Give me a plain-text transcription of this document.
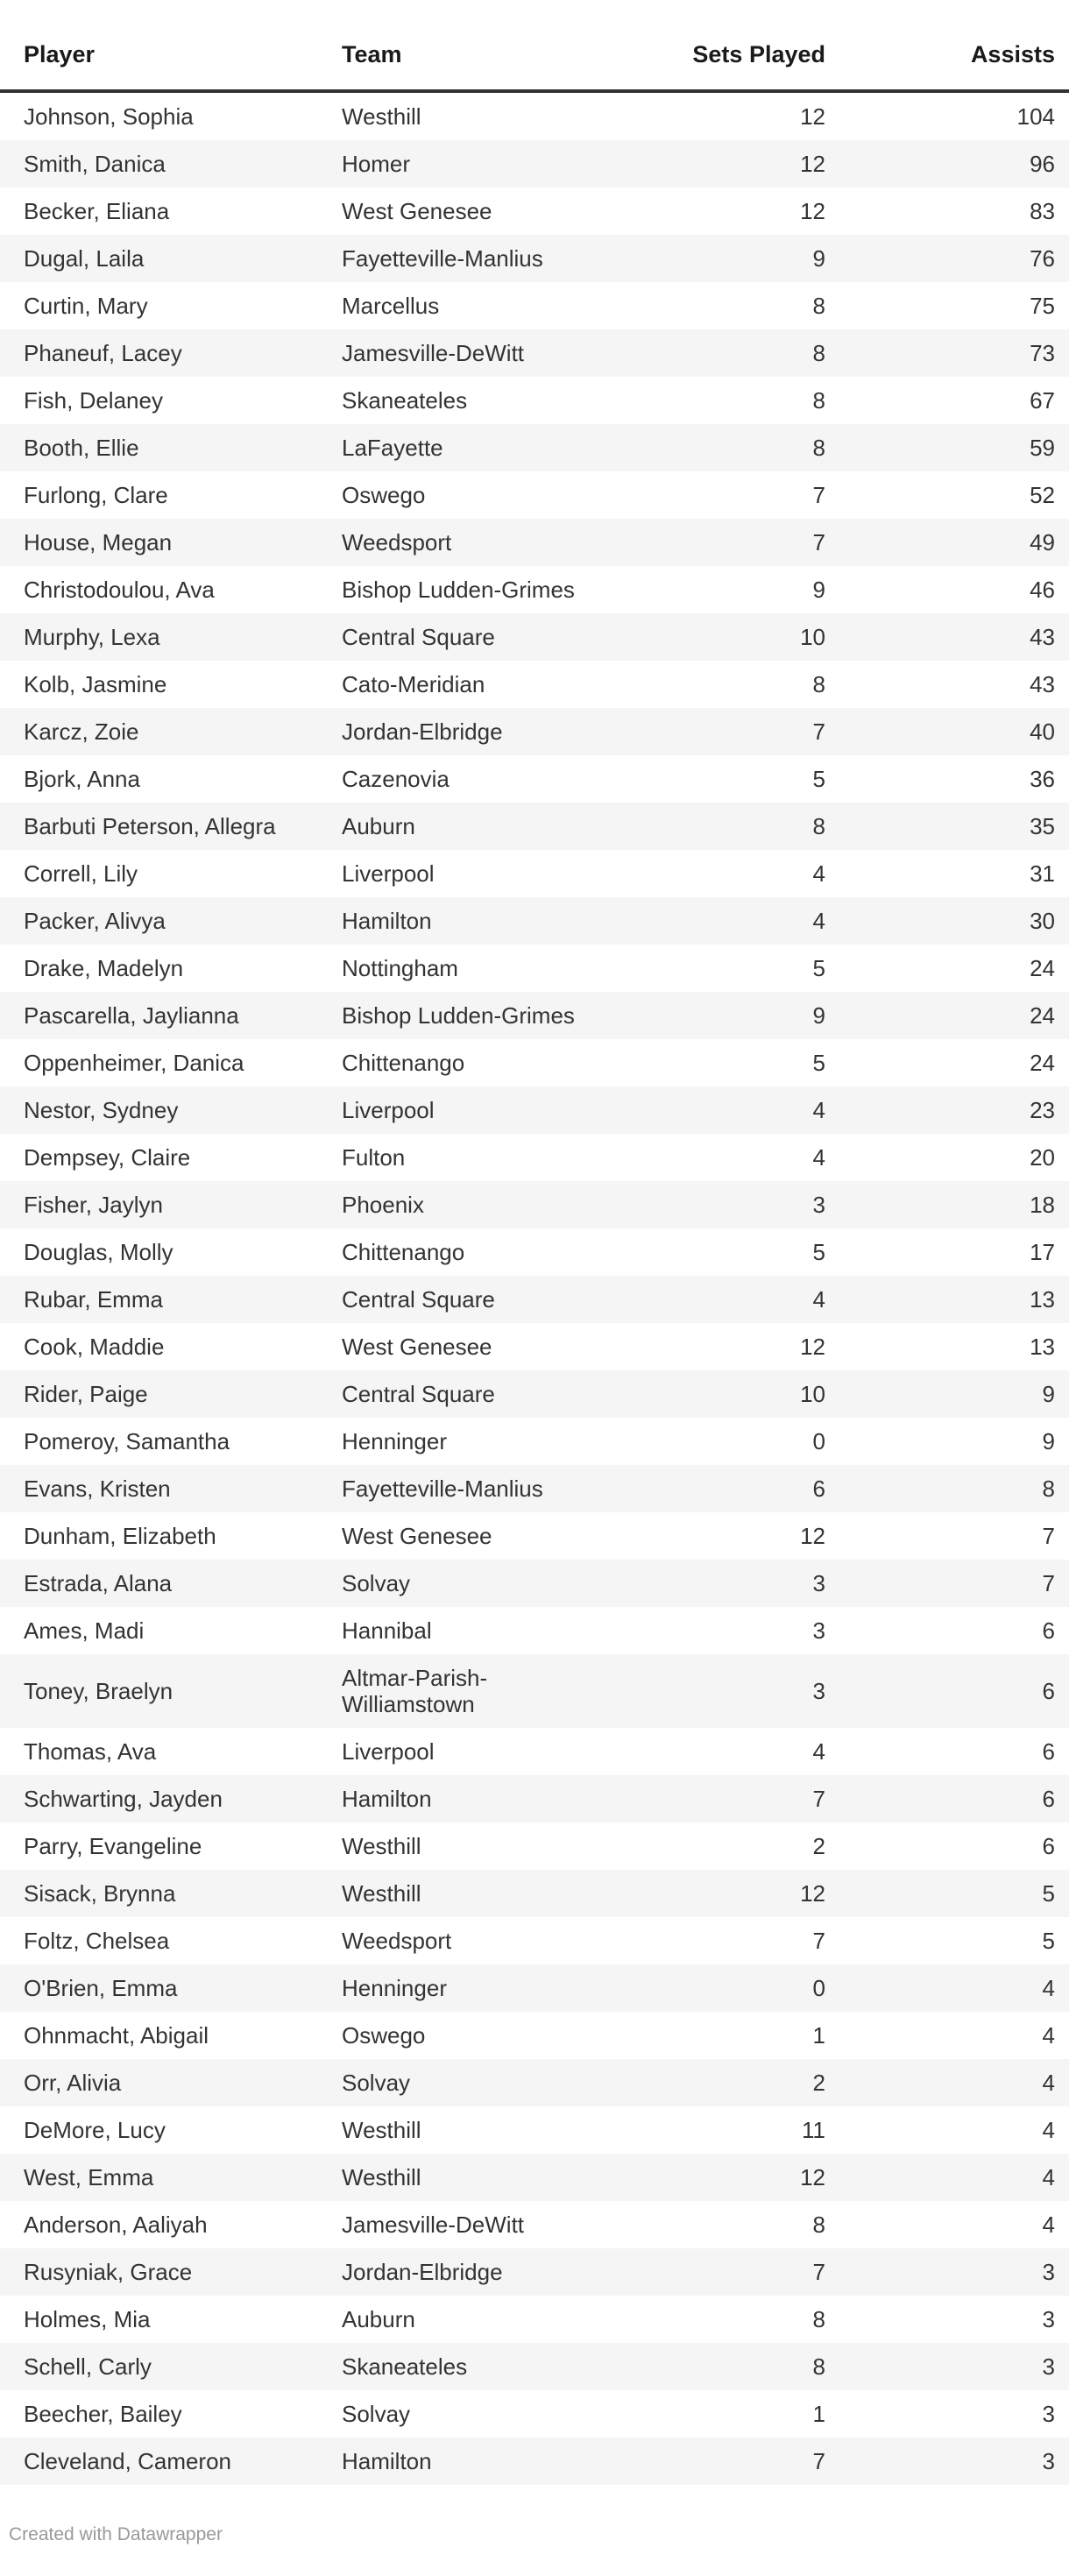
Player	Team	Sets Played	Assists
Johnson, Sophia	Westhill	12	104
Smith, Danica	Homer	12	96
Becker, Eliana	West Genesee	12	83
Dugal, Laila	Fayetteville-Manlius	9	76
Curtin, Mary	Marcellus	8	75
Phaneuf, Lacey	Jamesville-DeWitt	8	73
Fish, Delaney	Skaneateles	8	67
Booth, Ellie	LaFayette	8	59
Furlong, Clare	Oswego	7	52
House, Megan	Weedsport	7	49
Christodoulou, Ava	Bishop Ludden-Grimes	9	46
Murphy, Lexa	Central Square	10	43
Kolb, Jasmine	Cato-Meridian	8	43
Karcz, Zoie	Jordan-Elbridge	7	40
Bjork, Anna	Cazenovia	5	36
Barbuti Peterson, Allegra	Auburn	8	35
Correll, Lily	Liverpool	4	31
Packer, Alivya	Hamilton	4	30
Drake, Madelyn	Nottingham	5	24
Pascarella, Jaylianna	Bishop Ludden-Grimes	9	24
Oppenheimer, Danica	Chittenango	5	24
Nestor, Sydney	Liverpool	4	23
Dempsey, Claire	Fulton	4	20
Fisher, Jaylyn	Phoenix	3	18
Douglas, Molly	Chittenango	5	17
Rubar, Emma	Central Square	4	13
Cook, Maddie	West Genesee	12	13
Rider, Paige	Central Square	10	9
Pomeroy, Samantha	Henninger	0	9
Evans, Kristen	Fayetteville-Manlius	6	8
Dunham, Elizabeth	West Genesee	12	7
Estrada, Alana	Solvay	3	7
Ames, Madi	Hannibal	3	6
Toney, Braelyn	Altmar-Parish-Williamstown	3	6
Thomas, Ava	Liverpool	4	6
Schwarting, Jayden	Hamilton	7	6
Parry, Evangeline	Westhill	2	6
Sisack, Brynna	Westhill	12	5
Foltz, Chelsea	Weedsport	7	5
O'Brien, Emma	Henninger	0	4
Ohnmacht, Abigail	Oswego	1	4
Orr, Alivia	Solvay	2	4
DeMore, Lucy	Westhill	11	4
West, Emma	Westhill	12	4
Anderson, Aaliyah	Jamesville-DeWitt	8	4
Rusyniak, Grace	Jordan-Elbridge	7	3
Holmes, Mia	Auburn	8	3
Schell, Carly	Skaneateles	8	3
Beecher, Bailey	Solvay	1	3
Cleveland, Cameron	Hamilton	7	3
Created with Datawrapper
